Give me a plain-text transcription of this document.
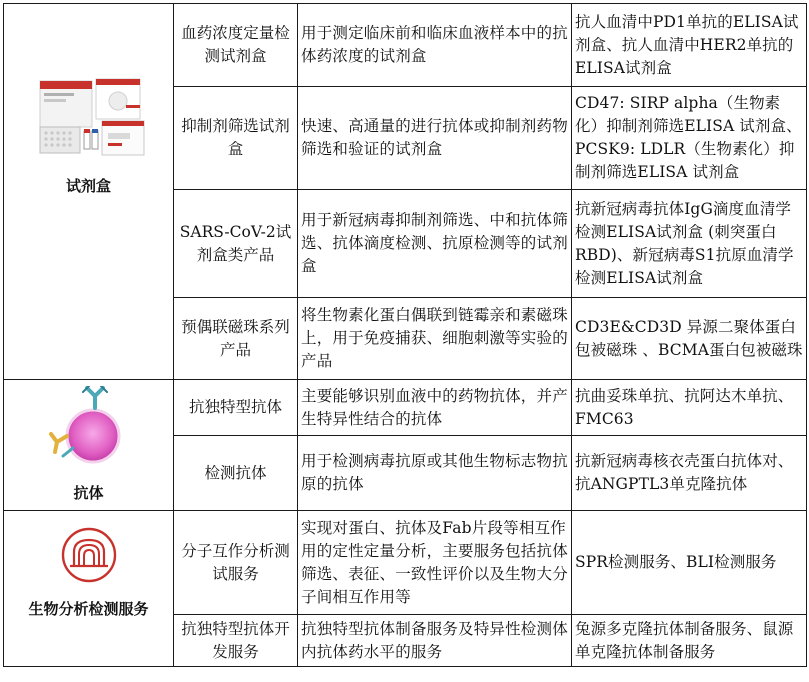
试剂盒	血药浓度定量检测试剂盒	用于测定临床前和临床血液样本中的抗体药浓度的试剂盒	抗人血清中PD1单抗的ELISA试剂盒、抗人血清中HER2单抗的ELISA试剂盒
	抑制剂筛选试剂盒	快速、高通量的进行抗体或抑制剂药物筛选和验证的试剂盒	CD47: SIRP alpha（生物素化）抑制剂筛选ELISA 试剂盒、PCSK9: LDLR（生物素化）抑制剂筛选ELISA 试剂盒
	SARS-CoV-2试剂盒类产品	用于新冠病毒抑制剂筛选、中和抗体筛选、抗体滴度检测、抗原检测等的试剂盒	抗新冠病毒抗体IgG滴度血清学检测ELISA试剂盒 (刺突蛋白 RBD)、新冠病毒S1抗原血清学检测ELISA试剂盒
	预偶联磁珠系列产品	将生物素化蛋白偶联到链霉亲和素磁珠上，用于免疫捕获、细胞刺激等实验的产品	CD3E&CD3D 异源二聚体蛋白包被磁珠 、BCMA蛋白包被磁珠

抗体	抗独特型抗体	主要能够识别血液中的药物抗体，并产生特异性结合的抗体	抗曲妥珠单抗、抗阿达木单抗、FMC63
	检测抗体	用于检测病毒抗原或其他生物标志物抗原的抗体	抗新冠病毒核衣壳蛋白抗体对、抗ANGPTL3单克隆抗体

生物分析检测服务	分子互作分析测试服务	实现对蛋白、抗体及Fab片段等相互作用的定性定量分析，主要服务包括抗体筛选、表征、一致性评价以及生物大分子间相互作用等	SPR检测服务、BLI检测服务
	抗独特型抗体开发服务	抗独特型抗体制备服务及特异性检测体内抗体药水平的服务	兔源多克隆抗体制备服务、鼠源单克隆抗体制备服务
